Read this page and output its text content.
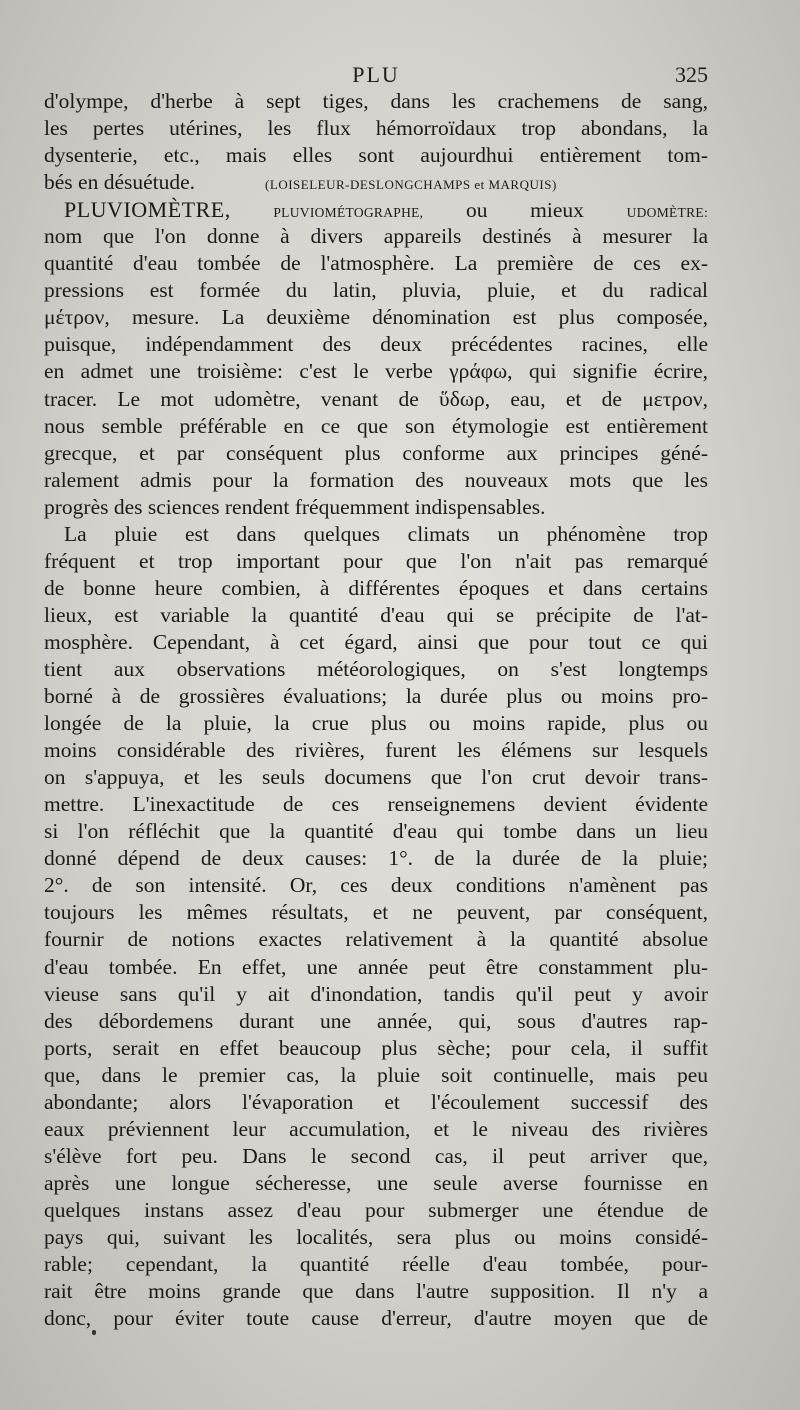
PLU	325
d'olympe, d'herbe à sept tiges, dans les crachemens de sang,
les pertes utérines, les flux hémorroïdaux trop abondans, la
dysenterie, etc., mais elles sont aujourdhui entièrement tom-
bés en désuétude.	(LOISELEUR-DESLONGCHAMPS et MARQUIS)
PLUVIOMÈTRE,	PLUVIOMÉTOGRAPHE, ou mieux	UDOMÈTRE:
nom que l'on donne à divers appareils destinés à mesurer la
quantité d'eau tombée de l'atmosphère. La première de ces ex-
pressions est formée du latin, pluvia, pluie, et du radical
μέτρον, mesure. La deuxième dénomination est plus composée,
puisque, indépendamment des deux précédentes racines, elle
en admet une troisième: c'est le verbe γράφω, qui signifie écrire,
tracer. Le mot udomètre, venant de ὕδωρ, eau, et de μετρον,
nous semble préférable en ce que son étymologie est entièrement
grecque, et par conséquent plus conforme aux principes géné-
ralement admis pour la formation des nouveaux mots que les
progrès des sciences rendent fréquemment indispensables.
La pluie est dans quelques climats un phénomène trop
fréquent et trop important pour que l'on n'ait pas remarqué
de bonne heure combien, à différentes époques et dans certains
lieux, est variable la quantité d'eau qui se précipite de l'at-
mosphère. Cependant, à cet égard, ainsi que pour tout ce qui
tient aux observations météorologiques, on s'est longtemps
borné à de grossières évaluations; la durée plus ou moins pro-
longée de la pluie, la crue plus ou moins rapide, plus ou
moins considérable des rivières, furent les élémens sur lesquels
on s'appuya, et les seuls documens que l'on crut devoir trans-
mettre. L'inexactitude de ces renseignemens devient évidente
si l'on réfléchit que la quantité d'eau qui tombe dans un lieu
donné dépend de deux causes: 1°. de la durée de la pluie;
2°. de son intensité. Or, ces deux conditions n'amènent pas
toujours les mêmes résultats, et ne peuvent, par conséquent,
fournir de notions exactes relativement à la quantité absolue
d'eau tombée. En effet, une année peut être constamment plu-
vieuse sans qu'il y ait d'inondation, tandis qu'il peut y avoir
des débordemens durant une année, qui, sous d'autres rap-
ports, serait en effet beaucoup plus sèche; pour cela, il suffit
que, dans le premier cas, la pluie soit continuelle, mais peu
abondante; alors l'évaporation et l'écoulement successif des
eaux préviennent leur accumulation, et le niveau des rivières
s'élève fort peu. Dans le second cas, il peut arriver que,
après une longue sécheresse, une seule averse fournisse en
quelques instans assez d'eau pour submerger une étendue de
pays qui, suivant les localités, sera plus ou moins considé-
rable; cependant, la quantité réelle d'eau tombée, pour-
rait être moins grande que dans l'autre supposition. Il n'y a
donc, pour éviter toute cause d'erreur, d'autre moyen que de
